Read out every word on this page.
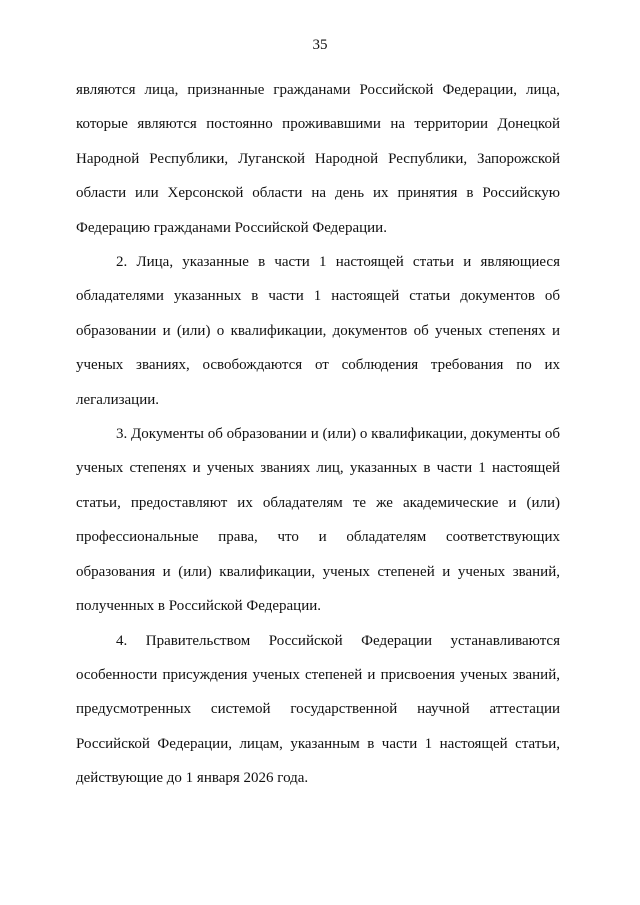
35

являются лица, признанные гражданами Российской Федерации, лица, которые являются постоянно проживавшими на территории Донецкой Народной Республики, Луганской Народной Республики, Запорожской области или Херсонской области на день их принятия в Российскую Федерацию гражданами Российской Федерации.

2. Лица, указанные в части 1 настоящей статьи и являющиеся обладателями указанных в части 1 настоящей статьи документов об образовании и (или) о квалификации, документов об ученых степенях и ученых званиях, освобождаются от соблюдения требования по их легализации.

3. Документы об образовании и (или) о квалификации, документы об ученых степенях и ученых званиях лиц, указанных в части 1 настоящей статьи, предоставляют их обладателям те же академические и (или) профессиональные права, что и обладателям соответствующих образования и (или) квалификации, ученых степеней и ученых званий, полученных в Российской Федерации.

4. Правительством Российской Федерации устанавливаются особенности присуждения ученых степеней и присвоения ученых званий, предусмотренных системой государственной научной аттестации Российской Федерации, лицам, указанным в части 1 настоящей статьи, действующие до 1 января 2026 года.
